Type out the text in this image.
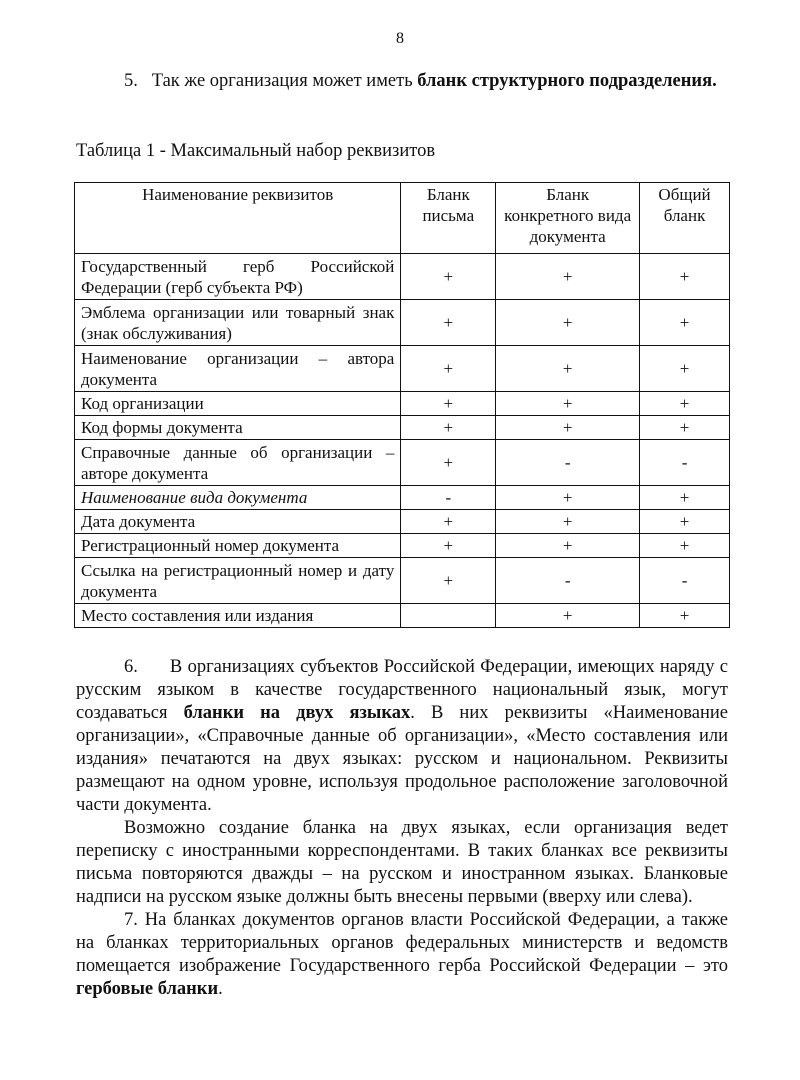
8
5. Так же организация может иметь бланк структурного подразделения.
Таблица 1 - Максимальный набор реквизитов
Наименование реквизитов	Бланк письма	Бланк конкретного вида документа	Общий бланк
Государственный герб Российской Федерации (герб субъекта РФ)	+	+	+
Эмблема организации или товарный знак (знак обслуживания)	+	+	+
Наименование организации – автора документа	+	+	+
Код организации	+	+	+
Код формы документа	+	+	+
Справочные данные об организации – авторе документа	+	-	-
Наименование вида документа	-	+	+
Дата документа	+	+	+
Регистрационный номер документа	+	+	+
Ссылка на регистрационный номер и дату документа	+	-	-
Место составления или издания		+	+
6.      В организациях субъектов Российской Федерации, имеющих наряду с русским языком в качестве государственного национальный язык, могут создаваться бланки на двух языках. В них реквизиты «Наименование организации», «Справочные данные об организации», «Место составления или издания» печатаются на двух языках: русском и национальном. Реквизиты размещают на одном уровне, используя продольное расположение заголовочной части документа.
Возможно создание бланка на двух языках, если организация ведет переписку с иностранными корреспондентами. В таких бланках все реквизиты письма повторяются дважды – на русском и иностранном языках. Бланковые надписи на русском языке должны быть внесены первыми (вверху или слева).
7. На бланках документов органов власти Российской Федерации, а также на бланках территориальных органов федеральных министерств и ведомств помещается изображение Государственного герба Российской Федерации – это гербовые бланки.
